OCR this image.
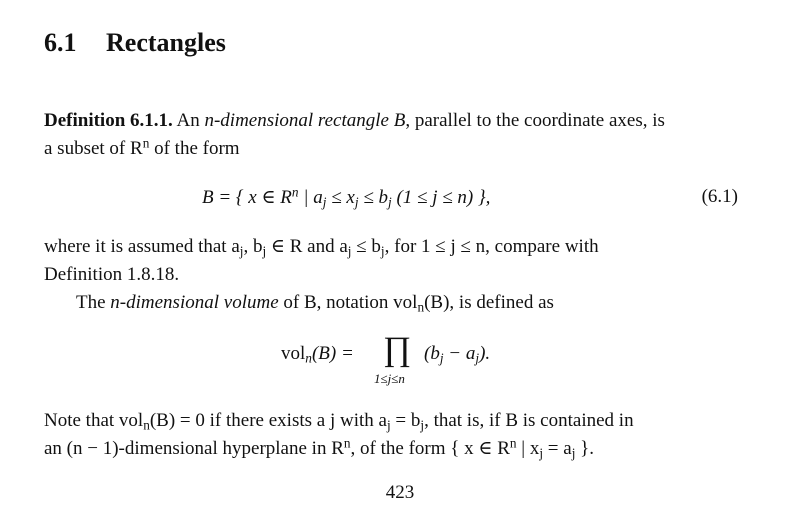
6.1 Rectangles
Definition 6.1.1. An n-dimensional rectangle B, parallel to the coordinate axes, is
a subset of $R^n$ of the form
B = { x ∈ $R^n$ | $a_j \le x_j \le b_j$ (1 ≤ j ≤ n) },	(6.1)
where it is assumed that $a_j$, $b_j$ ∈ R and $a_j \le b_j$, for 1 ≤ j ≤ n, compare with
Definition 1.8.18.
The n-dimensional volume of B, notation vol$_n$(B), is defined as
vol$_n$(B) = ∏
1≤j≤n
$(b_j - a_j)$.
Note that vol$_n$(B) = 0 if there exists a j with $a_j = b_j$, that is, if B is contained in
an (n − 1)-dimensional hyperplane in $R^n$, of the form { x ∈ $R^n$ | $x_j = a_j$ }.
423
